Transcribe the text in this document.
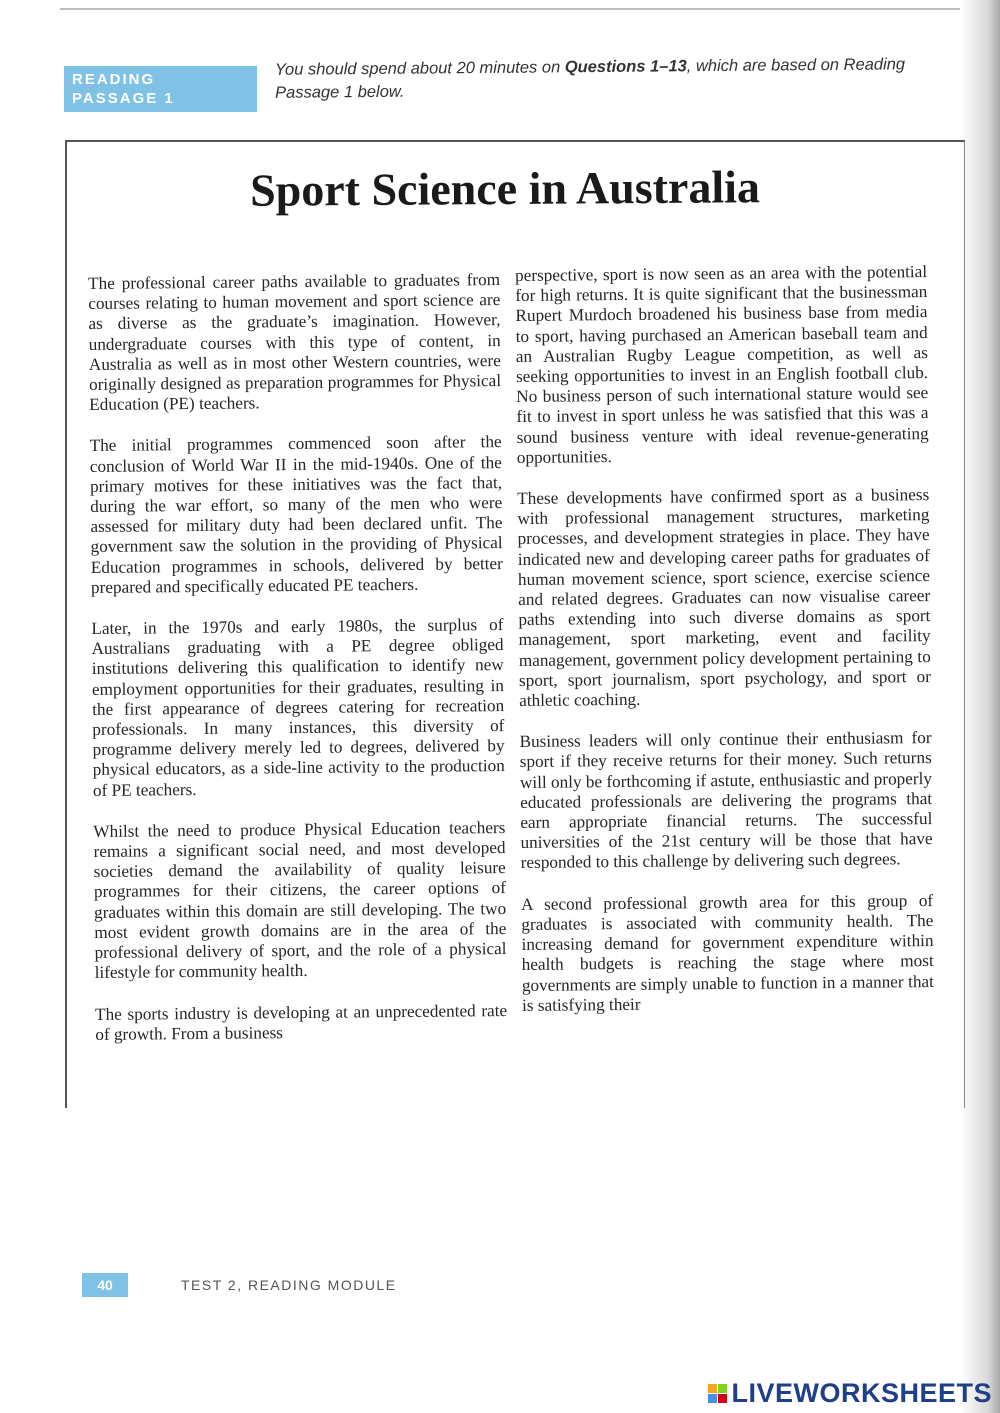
READING
PASSAGE 1
You should spend about 20 minutes on Questions 1–13, which are based on Reading Passage 1 below.
Sport Science in Australia

The professional career paths available to graduates from courses relating to human movement and sport science are as diverse as the graduate’s imagination. However, undergraduate courses with this type of content, in Australia as well as in most other Western countries, were originally designed as preparation programmes for Physical Education (PE) teachers.

The initial programmes commenced soon after the conclusion of World War II in the mid-1940s. One of the primary motives for these initiatives was the fact that, during the war effort, so many of the men who were assessed for military duty had been declared unfit. The government saw the solution in the providing of Physical Education programmes in schools, delivered by better prepared and specifically educated PE teachers.

Later, in the 1970s and early 1980s, the surplus of Australians graduating with a PE degree obliged institutions delivering this qualification to identify new employment opportunities for their graduates, resulting in the first appearance of degrees catering for recreation professionals. In many instances, this diversity of programme delivery merely led to degrees, delivered by physical educators, as a side-line activity to the production of PE teachers.

Whilst the need to produce Physical Education teachers remains a significant social need, and most developed societies demand the availability of quality leisure programmes for their citizens, the career options of graduates within this domain are still developing. The two most evident growth domains are in the area of the professional delivery of sport, and the role of a physical lifestyle for community health.

The sports industry is developing at an unprecedented rate of growth. From a business

perspective, sport is now seen as an area with the potential for high returns. It is quite significant that the businessman Rupert Murdoch broadened his business base from media to sport, having purchased an American baseball team and an Australian Rugby League competition, as well as seeking opportunities to invest in an English football club. No business person of such international stature would see fit to invest in sport unless he was satisfied that this was a sound business venture with ideal revenue-generating opportunities.

These developments have confirmed sport as a business with professional management structures, marketing processes, and development strategies in place. They have indicated new and developing career paths for graduates of human movement science, sport science, exercise science and related degrees. Graduates can now visualise career paths extending into such diverse domains as sport management, sport marketing, event and facility management, government policy development pertaining to sport, sport journalism, sport psychology, and sport or athletic coaching.

Business leaders will only continue their enthusiasm for sport if they receive returns for their money. Such returns will only be forthcoming if astute, enthusiastic and properly educated professionals are delivering the programs that earn appropriate financial returns. The successful universities of the 21st century will be those that have responded to this challenge by delivering such degrees.

A second professional growth area for this group of graduates is associated with community health. The increasing demand for government expenditure within health budgets is reaching the stage where most governments are simply unable to function in a manner that is satisfying their

40	TEST 2, READING MODULE
LIVEWORKSHEETS
